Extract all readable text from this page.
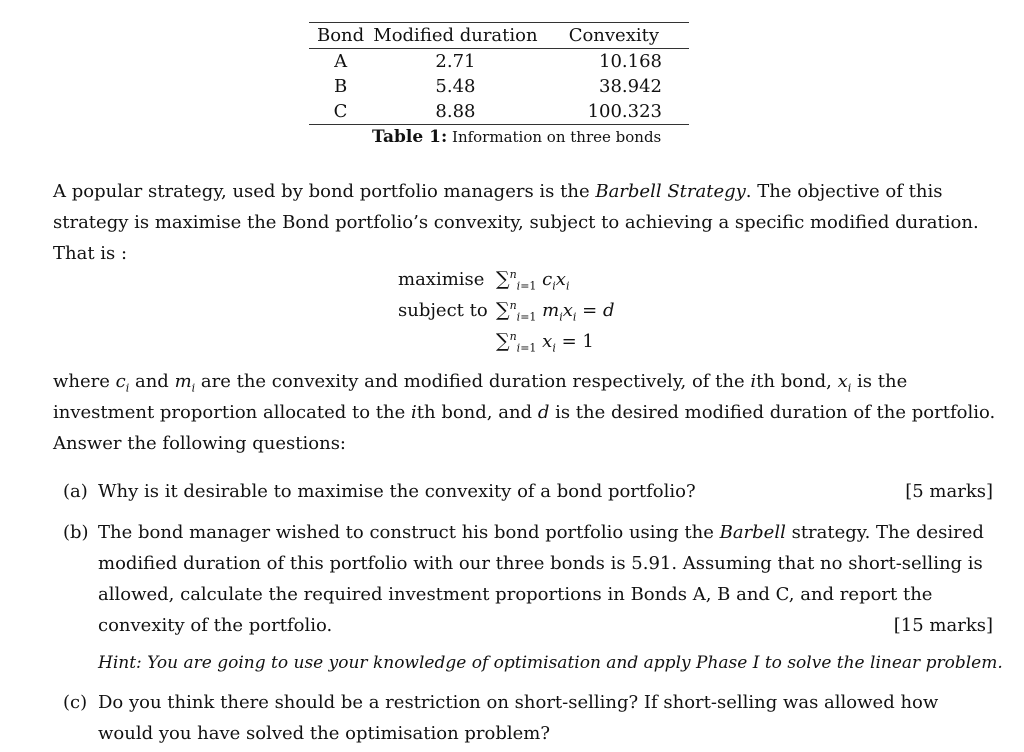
Bond	Modified duration	Convexity
A	2.71	10.168
B	5.48	38.942
C	8.88	100.323
Table 1: Information on three bonds
A popular strategy, used by bond portfolio managers is the Barbell Strategy. The objective of this strategy is maximise the Bond portfolio’s convexity, subject to achieving a specific modified duration. That is :
maximise ∑$^n_{i=1}$ $c_ix_i$
subject to ∑$^n_{i=1}$ $m_ix_i = d$
∑$^n_{i=1}$ $x_i = 1$
where $c_i$ and $m_i$ are the convexity and modified duration respectively, of the ith bond, $x_i$ is the investment proportion allocated to the ith bond, and d is the desired modified duration of the portfolio. Answer the following questions:
(a) Why is it desirable to maximise the convexity of a bond portfolio?	[5 marks]
(b) The bond manager wished to construct his bond portfolio using the Barbell strategy. The desired modified duration of this portfolio with our three bonds is 5.91. Assuming that no short-selling is allowed, calculate the required investment proportions in Bonds A, B and C, and report the convexity of the portfolio.	[15 marks]
Hint: You are going to use your knowledge of optimisation and apply Phase I to solve the linear problem.
(c) Do you think there should be a restriction on short-selling? If short-selling was allowed how would you have solved the optimisation problem?
